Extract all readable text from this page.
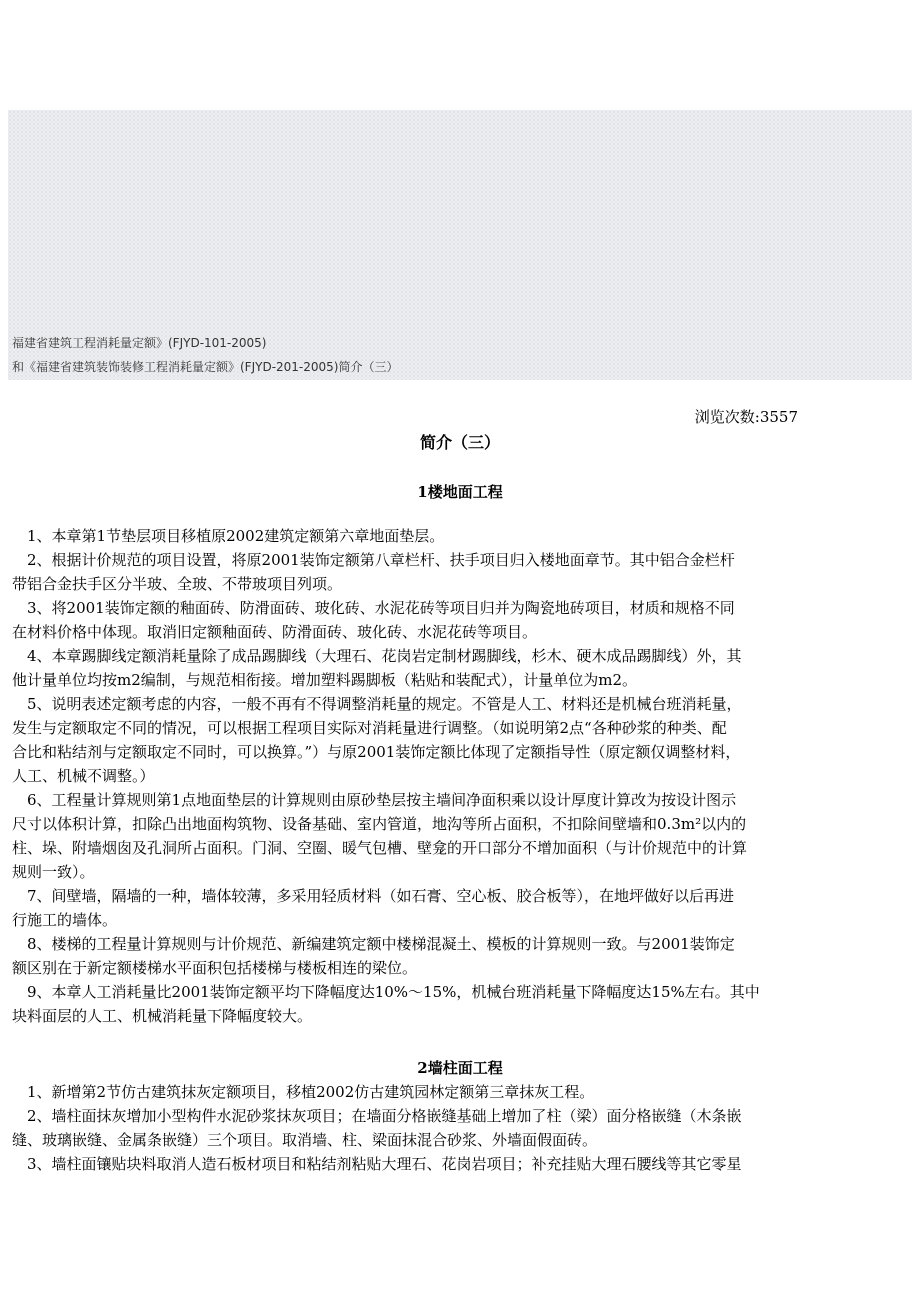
福建省建筑工程消耗量定额》(FJYD-101-2005)
和《福建省建筑装饰装修工程消耗量定额》(FJYD-201-2005)简介（三）
浏览次数:3557
简介（三）
1楼地面工程
　1、本章第1节垫层项目移植原2002建筑定额第六章地面垫层。
　2、根据计价规范的项目设置，将原2001装饰定额第八章栏杆、扶手项目归入楼地面章节。其中铝合金栏杆
带铝合金扶手区分半玻、全玻、不带玻项目列项。
　3、将2001装饰定额的釉面砖、防滑面砖、玻化砖、水泥花砖等项目归并为陶瓷地砖项目，材质和规格不同
在材料价格中体现。取消旧定额釉面砖、防滑面砖、玻化砖、水泥花砖等项目。
　4、本章踢脚线定额消耗量除了成品踢脚线（大理石、花岗岩定制材踢脚线，杉木、硬木成品踢脚线）外，其
他计量单位均按m2编制，与规范相衔接。增加塑料踢脚板（粘贴和装配式），计量单位为m2。
　5、说明表述定额考虑的内容，一般不再有不得调整消耗量的规定。不管是人工、材料还是机械台班消耗量，
发生与定额取定不同的情况，可以根据工程项目实际对消耗量进行调整。（如说明第2点“各种砂浆的种类、配
合比和粘结剂与定额取定不同时，可以换算。”）与原2001装饰定额比体现了定额指导性（原定额仅调整材料，
人工、机械不调整。）
　6、工程量计算规则第1点地面垫层的计算规则由原砂垫层按主墙间净面积乘以设计厚度计算改为按设计图示
尺寸以体积计算，扣除凸出地面构筑物、设备基础、室内管道，地沟等所占面积，不扣除间壁墙和0.3m²以内的
柱、垛、附墙烟囱及孔洞所占面积。门洞、空圈、暖气包槽、壁龛的开口部分不增加面积（与计价规范中的计算
规则一致）。
　7、间壁墙，隔墙的一种，墙体较薄，多采用轻质材料（如石膏、空心板、胶合板等），在地坪做好以后再进
行施工的墙体。
　8、楼梯的工程量计算规则与计价规范、新编建筑定额中楼梯混凝土、模板的计算规则一致。与2001装饰定
额区别在于新定额楼梯水平面积包括楼梯与楼板相连的梁位。
　9、本章人工消耗量比2001装饰定额平均下降幅度达10%～15%，机械台班消耗量下降幅度达15%左右。其中
块料面层的人工、机械消耗量下降幅度较大。
2墙柱面工程
　1、新增第2节仿古建筑抹灰定额项目，移植2002仿古建筑园林定额第三章抹灰工程。
　2、墙柱面抹灰增加小型构件水泥砂浆抹灰项目；在墙面分格嵌缝基础上增加了柱（梁）面分格嵌缝（木条嵌
缝、玻璃嵌缝、金属条嵌缝）三个项目。取消墙、柱、梁面抹混合砂浆、外墙面假面砖。
　3、墙柱面镶贴块料取消人造石板材项目和粘结剂粘贴大理石、花岗岩项目；补充挂贴大理石腰线等其它零星
